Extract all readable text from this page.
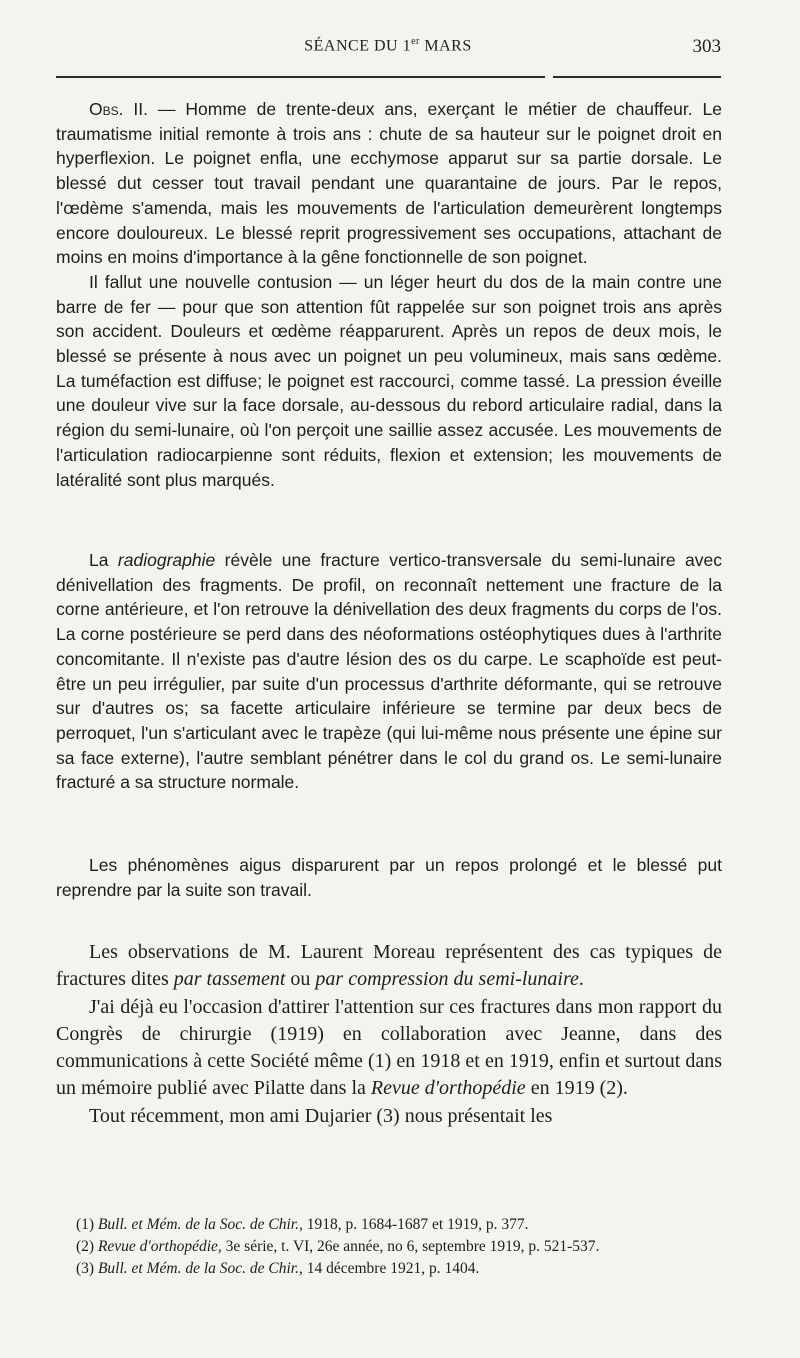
SÉANCE DU 1er MARS	303

Obs. II. — Homme de trente-deux ans, exerçant le métier de chauffeur. Le traumatisme initial remonte à trois ans : chute de sa hauteur sur le poignet droit en hyperflexion. Le poignet enfla, une ecchymose apparut sur sa partie dorsale. Le blessé dut cesser tout travail pendant une quarantaine de jours. Par le repos, l'œdème s'amenda, mais les mouvements de l'articulation demeurèrent longtemps encore douloureux. Le blessé reprit progressivement ses occupations, attachant de moins en moins d'importance à la gêne fonctionnelle de son poignet.

Il fallut une nouvelle contusion — un léger heurt du dos de la main contre une barre de fer — pour que son attention fût rappelée sur son poignet trois ans après son accident. Douleurs et œdème réapparurent. Après un repos de deux mois, le blessé se présente à nous avec un poignet un peu volumineux, mais sans œdème. La tuméfaction est diffuse; le poignet est raccourci, comme tassé. La pression éveille une douleur vive sur la face dorsale, au-dessous du rebord articulaire radial, dans la région du semi-lunaire, où l'on perçoit une saillie assez accusée. Les mouvements de l'articulation radiocarpienne sont réduits, flexion et extension; les mouvements de latéralité sont plus marqués.

La radiographie révèle une fracture vertico-transversale du semi-lunaire avec dénivellation des fragments. De profil, on reconnaît nettement une fracture de la corne antérieure, et l'on retrouve la dénivellation des deux fragments du corps de l'os. La corne postérieure se perd dans des néoformations ostéophytiques dues à l'arthrite concomitante. Il n'existe pas d'autre lésion des os du carpe. Le scaphoïde est peut-être un peu irrégulier, par suite d'un processus d'arthrite déformante, qui se retrouve sur d'autres os; sa facette articulaire inférieure se termine par deux becs de perroquet, l'un s'articulant avec le trapèze (qui lui-même nous présente une épine sur sa face externe), l'autre semblant pénétrer dans le col du grand os. Le semi-lunaire fracturé a sa structure normale.

Les phénomènes aigus disparurent par un repos prolongé et le blessé put reprendre par la suite son travail.

Les observations de M. Laurent Moreau représentent des cas typiques de fractures dites par tassement ou par compression du semi-lunaire.

J'ai déjà eu l'occasion d'attirer l'attention sur ces fractures dans mon rapport du Congrès de chirurgie (1919) en collaboration avec Jeanne, dans des communications à cette Société même (1) en 1918 et en 1919, enfin et surtout dans un mémoire publié avec Pilatte dans la Revue d'orthopédie en 1919 (2).

Tout récemment, mon ami Dujarier (3) nous présentait les

(1) Bull. et Mém. de la Soc. de Chir., 1918, p. 1684-1687 et 1919, p. 377.

(2) Revue d'orthopédie, 3e série, t. VI, 26e année, no 6, septembre 1919, p. 521-537.

(3) Bull. et Mém. de la Soc. de Chir., 14 décembre 1921, p. 1404.
